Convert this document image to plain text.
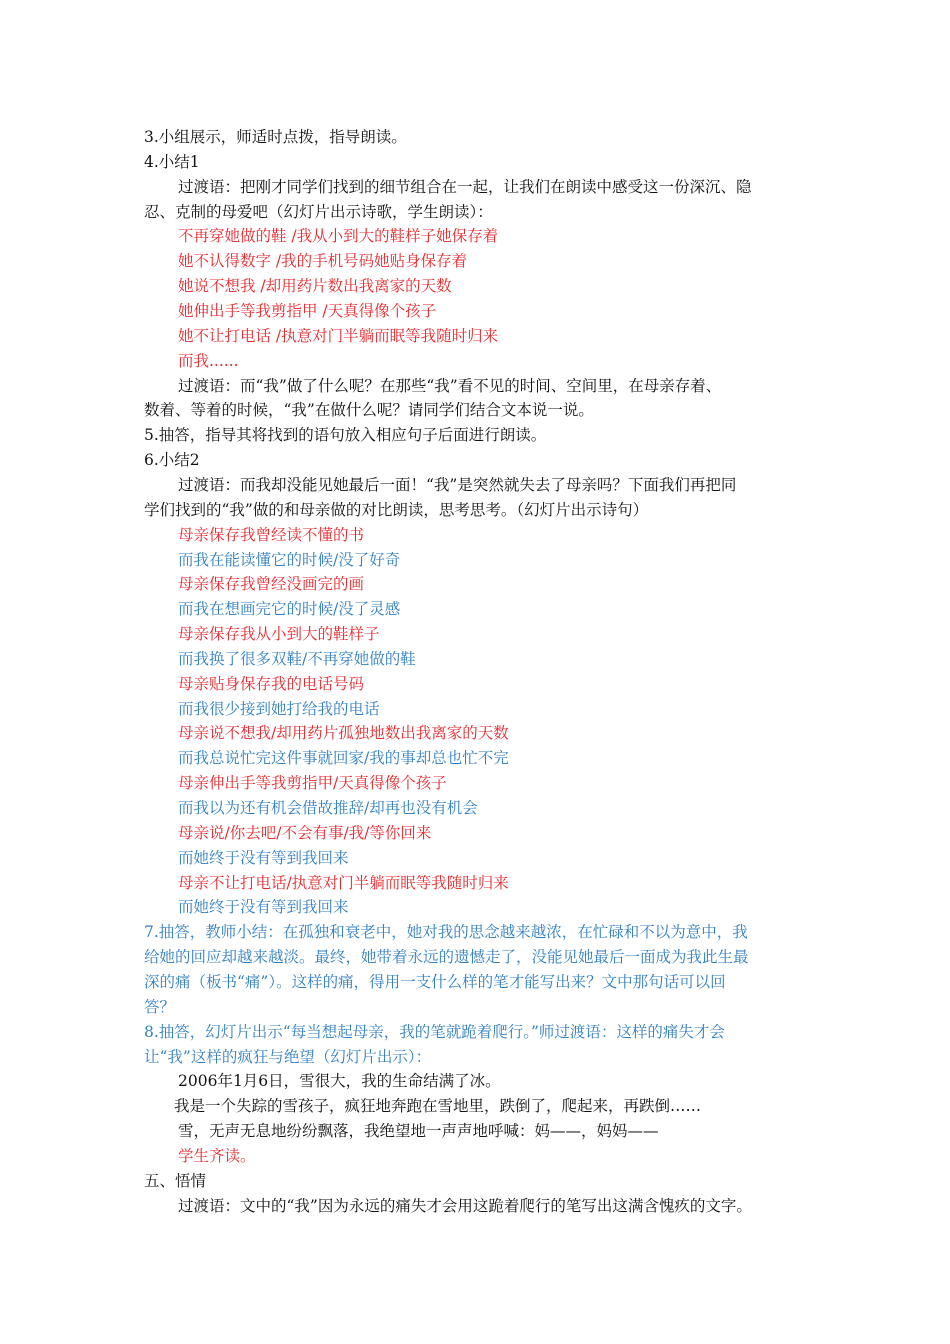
3.小组展示，师适时点拨，指导朗读。
4.小结1
过渡语：把刚才同学们找到的细节组合在一起，让我们在朗读中感受这一份深沉、隐
忍、克制的母爱吧（幻灯片出示诗歌，学生朗读）：
不再穿她做的鞋 /我从小到大的鞋样子她保存着
她不认得数字 /我的手机号码她贴身保存着
她说不想我 /却用药片数出我离家的天数
她伸出手等我剪指甲 /天真得像个孩子
她不让打电话 /执意对门半躺而眠等我随时归来
而我......
过渡语：而“我”做了什么呢？在那些“我”看不见的时间、空间里，在母亲存着、
数着、等着的时候，“我”在做什么呢？请同学们结合文本说一说。
5.抽答，指导其将找到的语句放入相应句子后面进行朗读。
6.小结2
过渡语：而我却没能见她最后一面！“我”是突然就失去了母亲吗？下面我们再把同
学们找到的“我”做的和母亲做的对比朗读，思考思考。（幻灯片出示诗句）
母亲保存我曾经读不懂的书
而我在能读懂它的时候/没了好奇
母亲保存我曾经没画完的画
而我在想画完它的时候/没了灵感
母亲保存我从小到大的鞋样子
而我换了很多双鞋/不再穿她做的鞋
母亲贴身保存我的电话号码
而我很少接到她打给我的电话
母亲说不想我/却用药片孤独地数出我离家的天数
而我总说忙完这件事就回家/我的事却总也忙不完
母亲伸出手等我剪指甲/天真得像个孩子
而我以为还有机会借故推辞/却再也没有机会
母亲说/你去吧/不会有事/我/等你回来
而她终于没有等到我回来
母亲不让打电话/执意对门半躺而眠等我随时归来
而她终于没有等到我回来
7.抽答，教师小结：在孤独和衰老中，她对我的思念越来越浓，在忙碌和不以为意中，我
给她的回应却越来越淡。最终，她带着永远的遗憾走了，没能见她最后一面成为我此生最
深的痛（板书“痛”）。这样的痛，得用一支什么样的笔才能写出来？文中那句话可以回
答？
8.抽答，幻灯片出示“每当想起母亲，我的笔就跪着爬行。”师过渡语：这样的痛失才会
让“我”这样的疯狂与绝望（幻灯片出示）：
2006年1月6日，雪很大，我的生命结满了冰。
我是一个失踪的雪孩子，疯狂地奔跑在雪地里，跌倒了，爬起来，再跌倒……
雪，无声无息地纷纷飘落，我绝望地一声声地呼喊：妈——，妈妈——
学生齐读。
五、悟情
过渡语：文中的“我”因为永远的痛失才会用这跪着爬行的笔写出这满含愧疚的文字。
